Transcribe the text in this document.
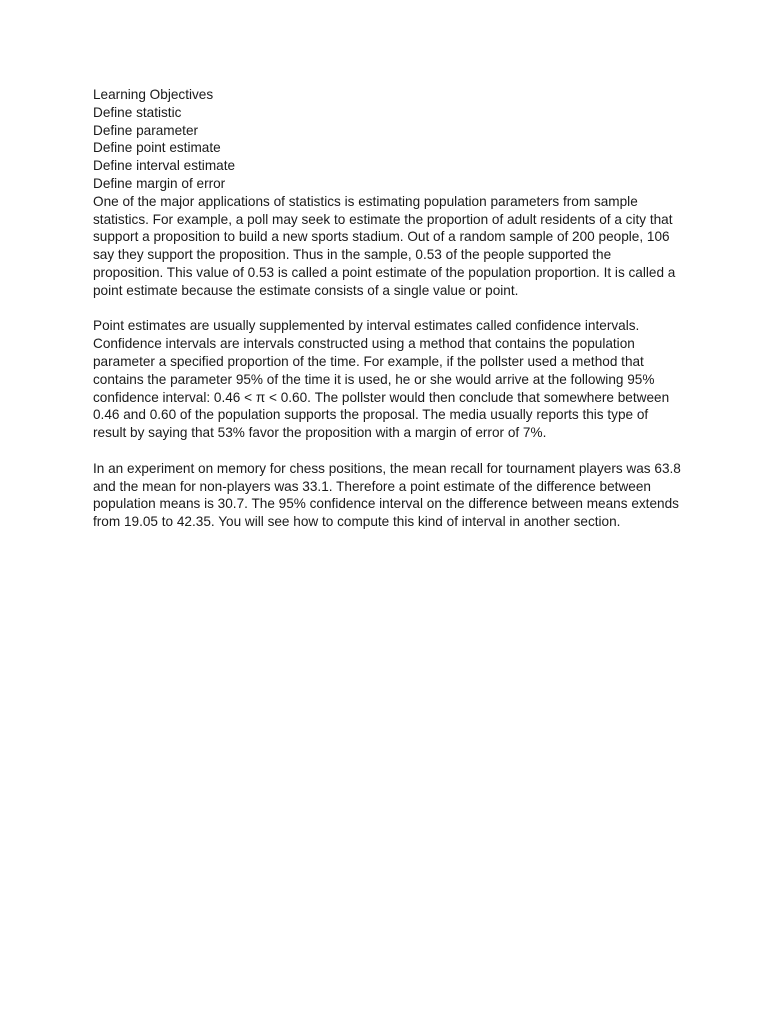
Learning Objectives
Define statistic
Define parameter
Define point estimate
Define interval estimate
Define margin of error

One of the major applications of statistics is estimating population parameters from sample statistics. For example, a poll may seek to estimate the proportion of adult residents of a city that support a proposition to build a new sports stadium. Out of a random sample of 200 people, 106 say they support the proposition. Thus in the sample, 0.53 of the people supported the proposition. This value of 0.53 is called a point estimate of the population proportion. It is called a point estimate because the estimate consists of a single value or point.

Point estimates are usually supplemented by interval estimates called confidence intervals. Confidence intervals are intervals constructed using a method that contains the population parameter a specified proportion of the time. For example, if the pollster used a method that contains the parameter 95% of the time it is used, he or she would arrive at the following 95% confidence interval: 0.46 < π < 0.60. The pollster would then conclude that somewhere between 0.46 and 0.60 of the population supports the proposal. The media usually reports this type of result by saying that 53% favor the proposition with a margin of error of 7%.

In an experiment on memory for chess positions, the mean recall for tournament players was 63.8 and the mean for non-players was 33.1. Therefore a point estimate of the difference between population means is 30.7. The 95% confidence interval on the difference between means extends from 19.05 to 42.35. You will see how to compute this kind of interval in another section.
